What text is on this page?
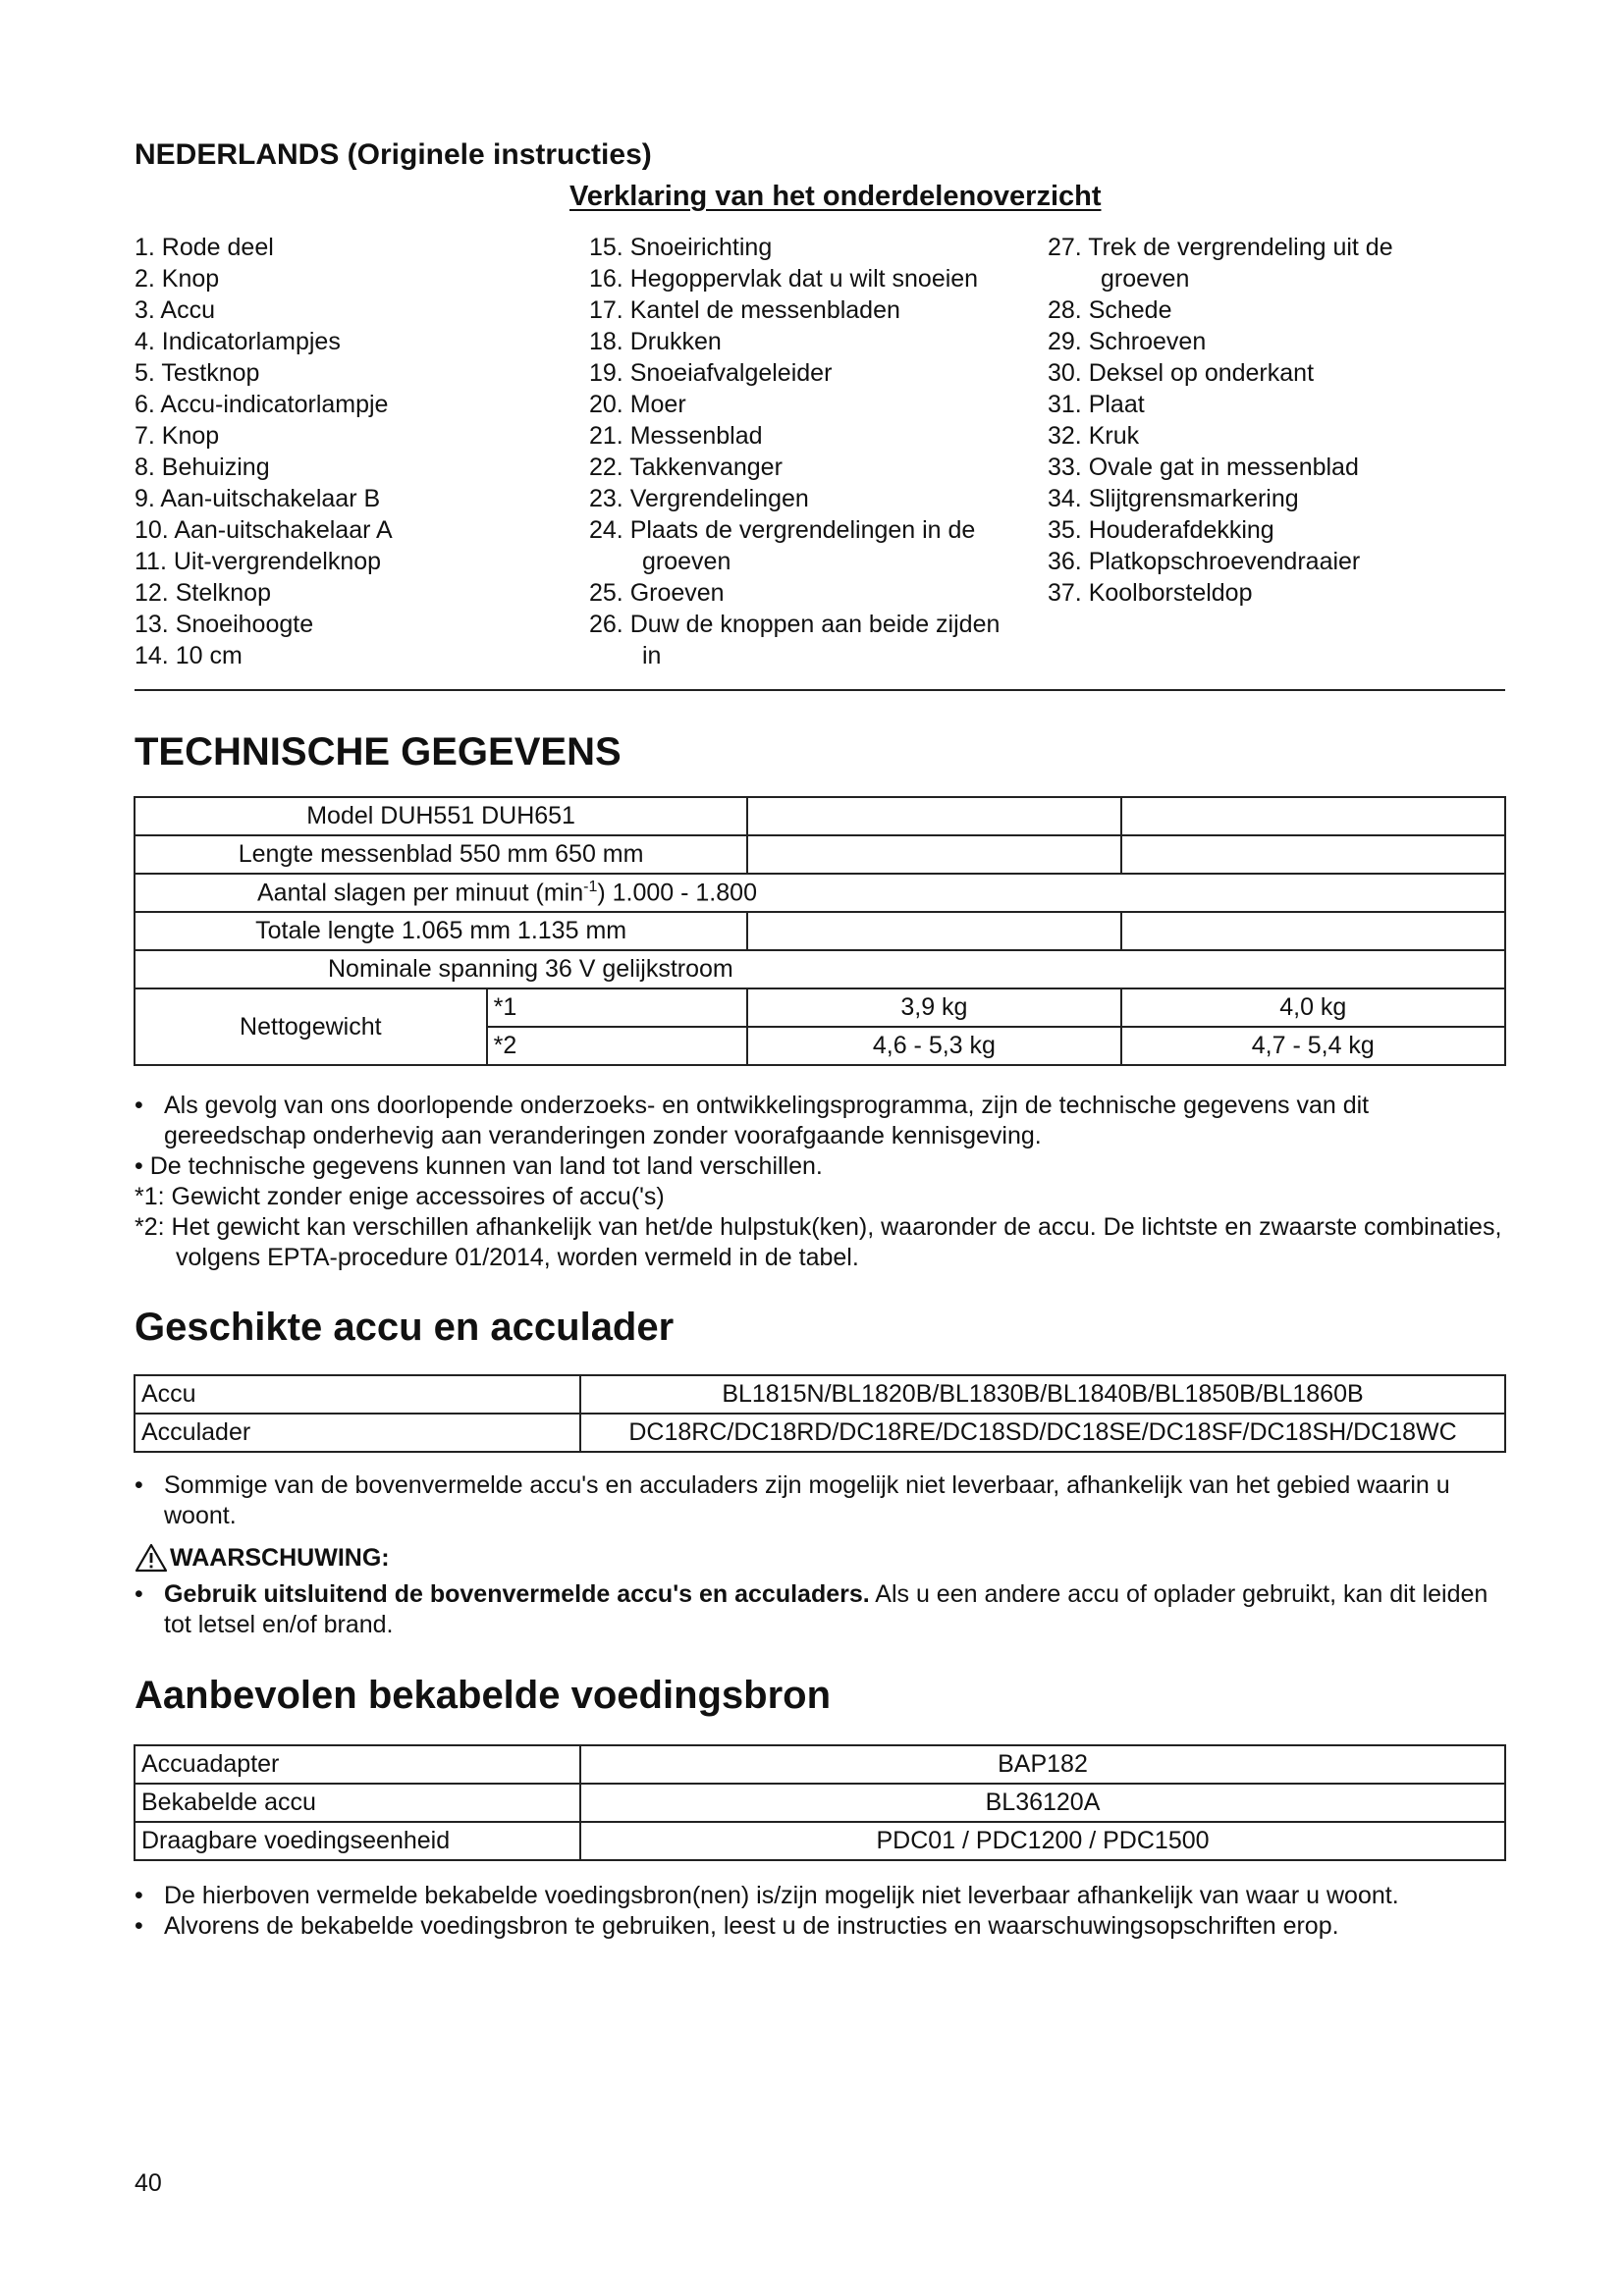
NEDERLANDS (Originele instructies)
Verklaring van het onderdelenoverzicht
1. Rode deel
2. Knop
3. Accu
4. Indicatorlampjes
5. Testknop
6. Accu-indicatorlampje
7. Knop
8. Behuizing
9. Aan-uitschakelaar B
10. Aan-uitschakelaar A
11. Uit-vergrendelknop
12. Stelknop
13. Snoeihoogte
14. 10 cm
15. Snoeirichting
16. Hegoppervlak dat u wilt snoeien
17. Kantel de messenbladen
18. Drukken
19. Snoeiafvalgeleider
20. Moer
21. Messenblad
22. Takkenvanger
23. Vergrendelingen
24. Plaats de vergrendelingen in de
groeven
25. Groeven
26. Duw de knoppen aan beide zijden
in
27. Trek de vergrendeling uit de
groeven
28. Schede
29. Schroeven
30. Deksel op onderkant
31. Plaat
32. Kruk
33. Ovale gat in messenblad
34. Slijtgrensmarkering
35. Houderafdekking
36. Platkopschroevendraaier
37. Koolborsteldop
TECHNISCHE GEGEVENS
Model DUH551 DUH651			
Lengte messenblad 550 mm 650 mm			
Aantal slagen per minuut $(\min^{-1})$ 1.000 - 1.800			
Totale lengte 1.065 mm 1.135 mm			
Nominale spanning 36 V gelijkstroom			
Nettogewicht	*1	3,9 kg	4,0 kg
	*2	4,6 - 5,3 kg	4,7 - 5,4 kg
• Als gevolg van ons doorlopende onderzoeks- en ontwikkelingsprogramma, zijn de technische gegevens van dit gereedschap onderhevig aan veranderingen zonder voorafgaande kennisgeving.

• De technische gegevens kunnen van land tot land verschillen.

*1: Gewicht zonder enige accessoires of accu('s)

*2: Het gewicht kan verschillen afhankelijk van het/de hulpstuk(ken), waaronder de accu. De lichtste en zwaarste combinaties, volgens EPTA-procedure 01/2014, worden vermeld in de tabel.

Geschikte accu en acculader
Accu	BL1815N/BL1820B/BL1830B/BL1840B/BL1850B/BL1860B
Acculader	DC18RC/DC18RD/DC18RE/DC18SD/DC18SE/DC18SF/DC18SH/DC18WC
• Sommige van de bovenvermelde accu's en acculaders zijn mogelijk niet leverbaar, afhankelijk van het gebied waarin u woont.
WAARSCHUWING:
• Gebruik uitsluitend de bovenvermelde accu's en acculaders. Als u een andere accu of oplader gebruikt, kan dit leiden tot letsel en/of brand.
Aanbevolen bekabelde voedingsbron
Accuadapter	BAP182
Bekabelde accu	BL36120A
Draagbare voedingseenheid	PDC01 / PDC1200 / PDC1500
• De hierboven vermelde bekabelde voedingsbron(nen) is/zijn mogelijk niet leverbaar afhankelijk van waar u woont.
• Alvorens de bekabelde voedingsbron te gebruiken, leest u de instructies en waarschuwingsopschriften erop.
40
